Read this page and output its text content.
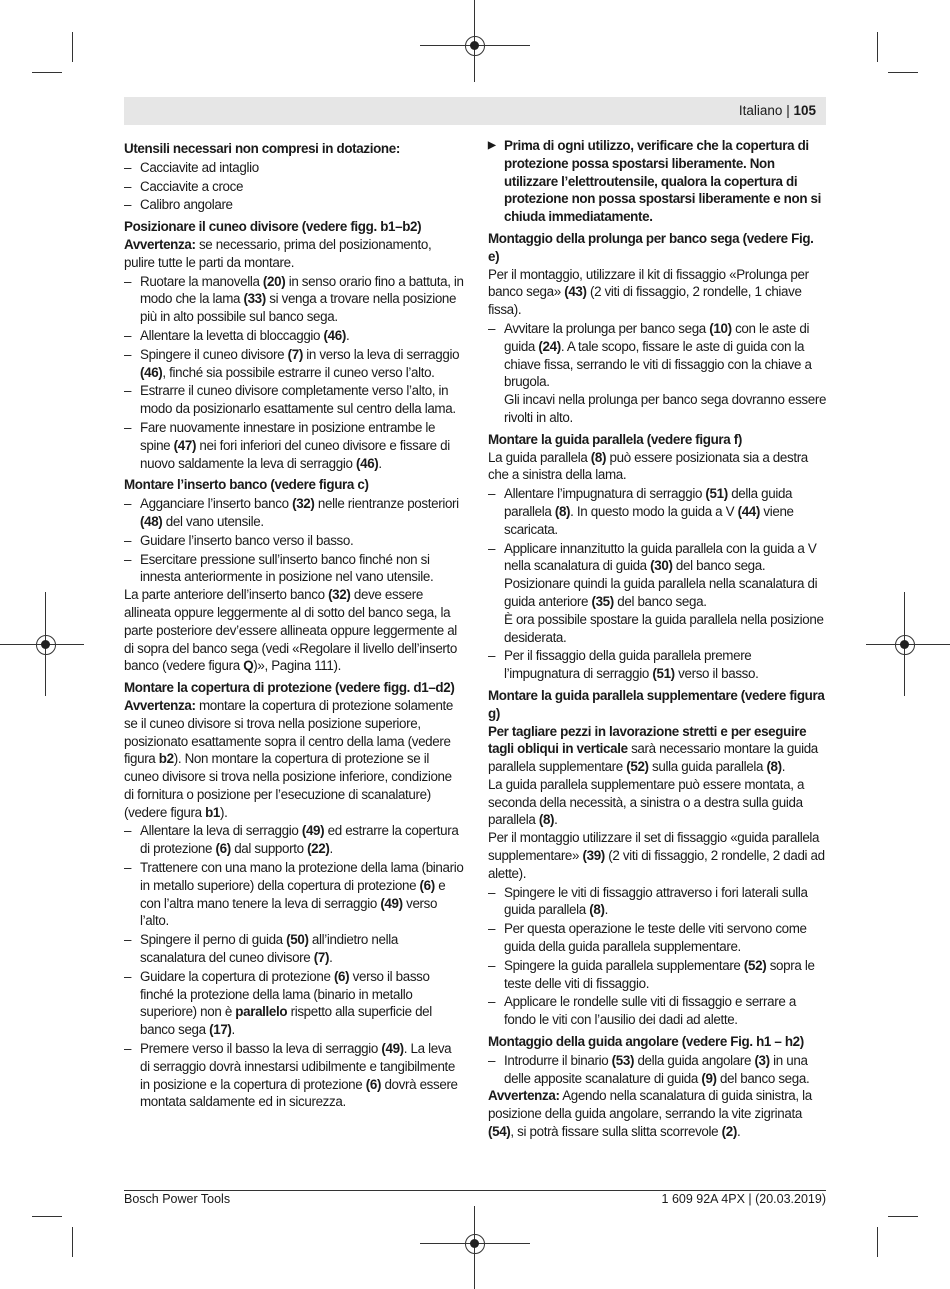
Italiano | 105

Utensili necessari non compresi in dotazione:

– Cacciavite ad intaglio
– Cacciavite a croce
– Calibro angolare

Posizionare il cuneo divisore (vedere figg. b1–b2)

Avvertenza: se necessario, prima del posizionamento, pulire tutte le parti da montare.

– Ruotare la manovella (20) in senso orario fino a battuta, in modo che la lama (33) si venga a trovare nella posizione più in alto possibile sul banco sega.
– Allentare la levetta di bloccaggio (46).
– Spingere il cuneo divisore (7) in verso la leva di serraggio (46), finché sia possibile estrarre il cuneo verso l’alto.
– Estrarre il cuneo divisore completamente verso l’alto, in modo da posizionarlo esattamente sul centro della lama.
– Fare nuovamente innestare in posizione entrambe le spine (47) nei fori inferiori del cuneo divisore e fissare di nuovo saldamente la leva di serraggio (46).

Montare l’inserto banco (vedere figura c)

– Agganciare l’inserto banco (32) nelle rientranze posteriori (48) del vano utensile.
– Guidare l’inserto banco verso il basso.
– Esercitare pressione sull’inserto banco finché non si innesta anteriormente in posizione nel vano utensile.

La parte anteriore dell’inserto banco (32) deve essere allineata oppure leggermente al di sotto del banco sega, la parte posteriore dev’essere allineata oppure leggermente al di sopra del banco sega (vedi «Regolare il livello dell’inserto banco (vedere figura Q)», Pagina 111).

Montare la copertura di protezione (vedere figg. d1–d2)

Avvertenza: montare la copertura di protezione solamente se il cuneo divisore si trova nella posizione superiore, posizionato esattamente sopra il centro della lama (vedere figura b2). Non montare la copertura di protezione se il cuneo divisore si trova nella posizione inferiore, condizione di fornitura o posizione per l’esecuzione di scanalature) (vedere figura b1).

– Allentare la leva di serraggio (49) ed estrarre la copertura di protezione (6) dal supporto (22).
– Trattenere con una mano la protezione della lama (binario in metallo superiore) della copertura di protezione (6) e con l’altra mano tenere la leva di serraggio (49) verso l’alto.
– Spingere il perno di guida (50) all’indietro nella scanalatura del cuneo divisore (7).
– Guidare la copertura di protezione (6) verso il basso finché la protezione della lama (binario in metallo superiore) non è parallelo rispetto alla superficie del banco sega (17).
– Premere verso il basso la leva di serraggio (49). La leva di serraggio dovrà innestarsi udibilmente e tangibilmente in posizione e la copertura di protezione (6) dovrà essere montata saldamente ed in sicurezza.
▶ Prima di ogni utilizzo, verificare che la copertura di protezione possa spostarsi liberamente. Non utilizzare l’elettroutensile, qualora la copertura di protezione non possa spostarsi liberamente e non si chiuda immediatamente.

Montaggio della prolunga per banco sega (vedere Fig. e)

Per il montaggio, utilizzare il kit di fissaggio «Prolunga per banco sega» (43) (2 viti di fissaggio, 2 rondelle, 1 chiave fissa).

– Avvitare la prolunga per banco sega (10) con le aste di guida (24). A tale scopo, fissare le aste di guida con la chiave fissa, serrando le viti di fissaggio con la chiave a brugola.
Gli incavi nella prolunga per banco sega dovranno essere rivolti in alto.

Montare la guida parallela (vedere figura f)

La guida parallela (8) può essere posizionata sia a destra che a sinistra della lama.

– Allentare l’impugnatura di serraggio (51) della guida parallela (8). In questo modo la guida a V (44) viene scaricata.
– Applicare innanzitutto la guida parallela con la guida a V nella scanalatura di guida (30) del banco sega. Posizionare quindi la guida parallela nella scanalatura di guida anteriore (35) del banco sega.
È ora possibile spostare la guida parallela nella posizione desiderata.
– Per il fissaggio della guida parallela premere l’impugnatura di serraggio (51) verso il basso.

Montare la guida parallela supplementare (vedere figura g)

Per tagliare pezzi in lavorazione stretti e per eseguire tagli obliqui in verticale sarà necessario montare la guida parallela supplementare (52) sulla guida parallela (8).

La guida parallela supplementare può essere montata, a seconda della necessità, a sinistra o a destra sulla guida parallela (8).

Per il montaggio utilizzare il set di fissaggio «guida parallela supplementare» (39) (2 viti di fissaggio, 2 rondelle, 2 dadi ad alette).

– Spingere le viti di fissaggio attraverso i fori laterali sulla guida parallela (8).
– Per questa operazione le teste delle viti servono come guida della guida parallela supplementare.
– Spingere la guida parallela supplementare (52) sopra le teste delle viti di fissaggio.
– Applicare le rondelle sulle viti di fissaggio e serrare a fondo le viti con l’ausilio dei dadi ad alette.

Montaggio della guida angolare (vedere Fig. h1 – h2)

– Introdurre il binario (53) della guida angolare (3) in una delle apposite scanalature di guida (9) del banco sega.

Avvertenza: Agendo nella scanalatura di guida sinistra, la posizione della guida angolare, serrando la vite zigrinata (54), si potrà fissare sulla slitta scorrevole (2).

Bosch Power Tools	1 609 92A 4PX | (20.03.2019)
